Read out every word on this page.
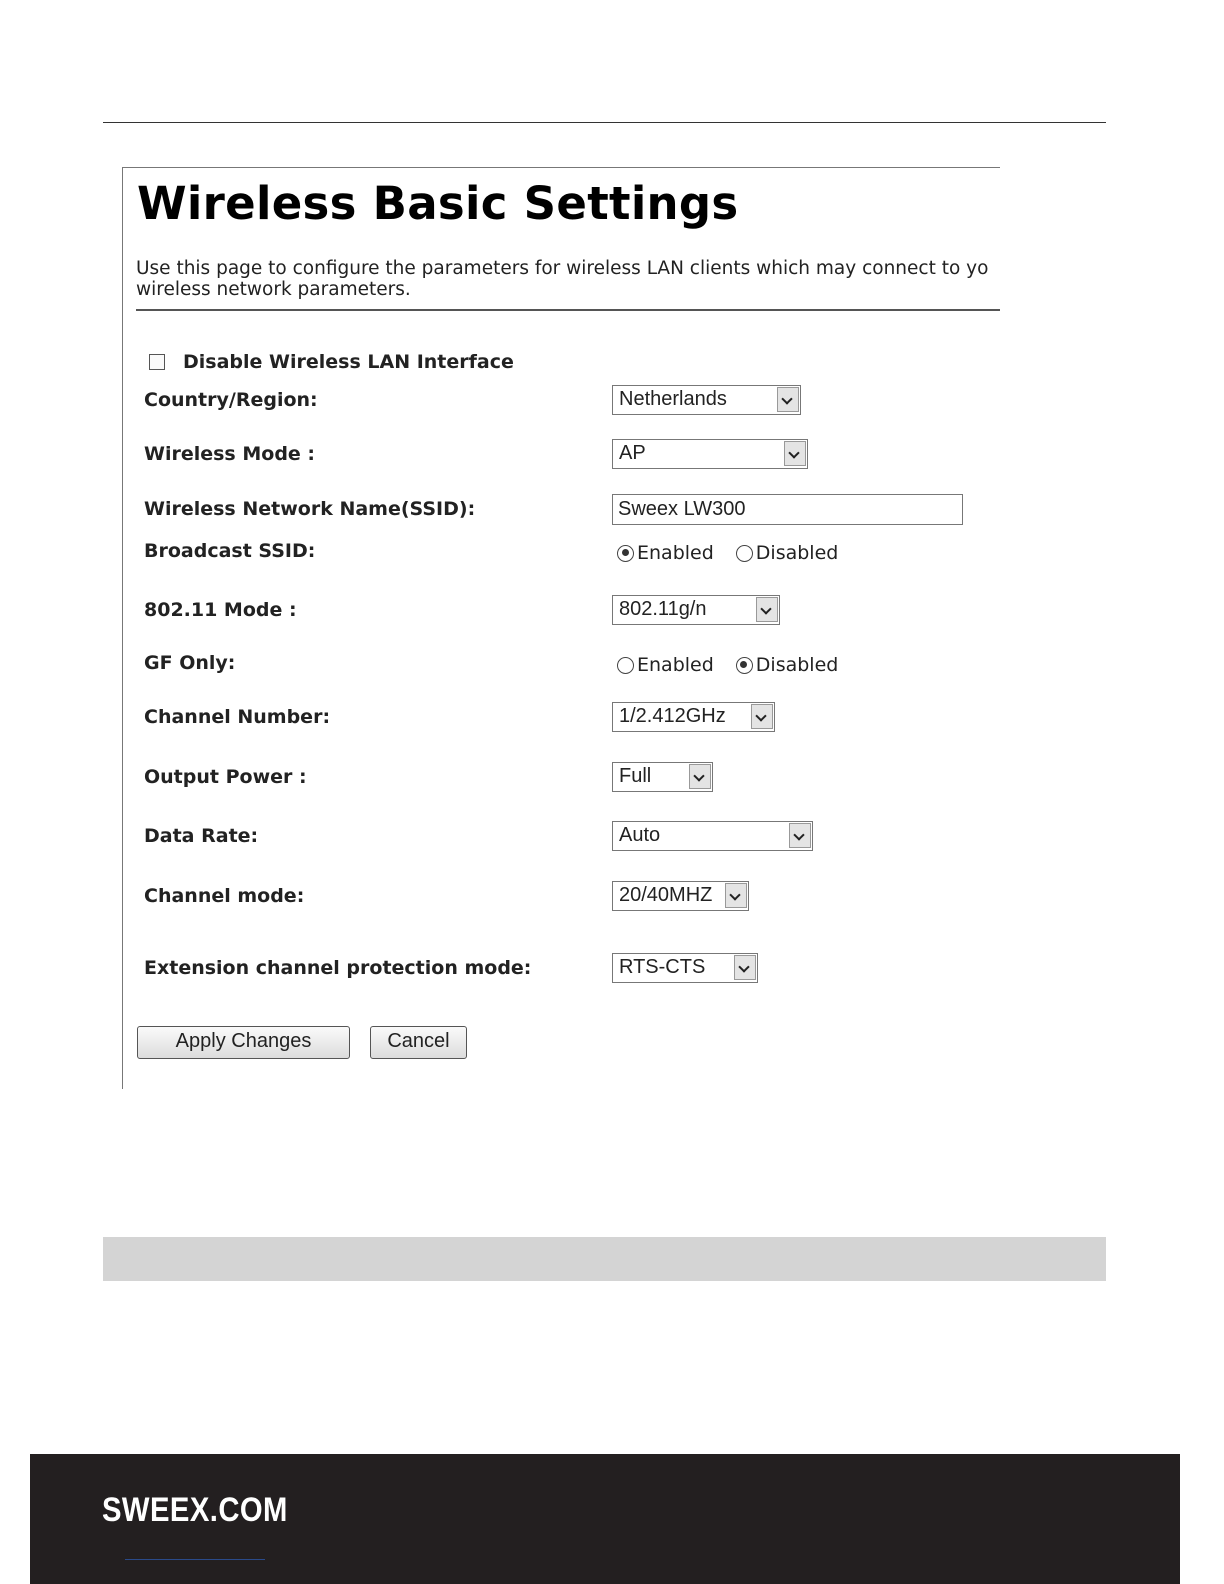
Wireless Basic Settings
Use this page to configure the parameters for wireless LAN clients which may connect to yo
wireless network parameters.
Disable Wireless LAN Interface
Country/Region:	Netherlands
Wireless Mode :	AP
Wireless Network Name(SSID):	Sweex LW300
Broadcast SSID:	Enabled Disabled
802.11 Mode :	802.11g/n
GF Only:	Enabled Disabled
Channel Number:	1/2.412GHz
Output Power :	Full
Data Rate:	Auto
Channel mode:	20/40MHZ
Extension channel protection mode:	RTS-CTS
Apply Changes	Cancel
SWEEX.COM
